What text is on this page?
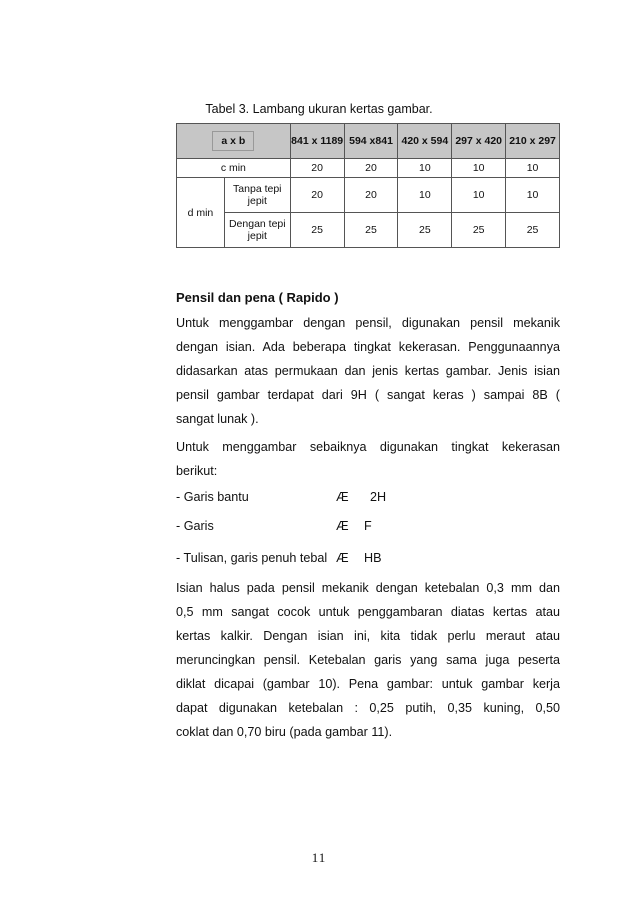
Tabel 3. Lambang ukuran kertas gambar.
a x b		841 x 1189	594 x841	420 x 594	297 x 420	210 x 297
c min		20	20	10	10	10
d min	Tanpa tepi jepit	20	20	10	10	10
	Dengan tepi jepit	25	25	25	25	25
Pensil dan pena ( Rapido )

Untuk menggambar dengan pensil, digunakan pensil mekanik

dengan isian. Ada beberapa tingkat kekerasan. Penggunaannya

didasarkan atas permukaan dan jenis kertas gambar. Jenis isian

pensil gambar terdapat dari 9H ( sangat keras ) sampai 8B (

sangat lunak ).

Untuk menggambar sebaiknya digunakan tingkat kekerasan

berikut:

- Garis bantu	Æ 2H
- Garis	Æ F
- Tulisan, garis penuh tebal Æ HB

Isian halus pada pensil mekanik dengan ketebalan 0,3 mm dan

0,5 mm sangat cocok untuk penggambaran diatas kertas atau

kertas kalkir. Dengan isian ini, kita tidak perlu meraut atau

meruncingkan pensil. Ketebalan garis yang sama juga peserta

diklat dicapai (gambar 10). Pena gambar: untuk gambar kerja

dapat digunakan ketebalan : 0,25 putih, 0,35 kuning, 0,50

coklat dan 0,70 biru (pada gambar 11).

11
